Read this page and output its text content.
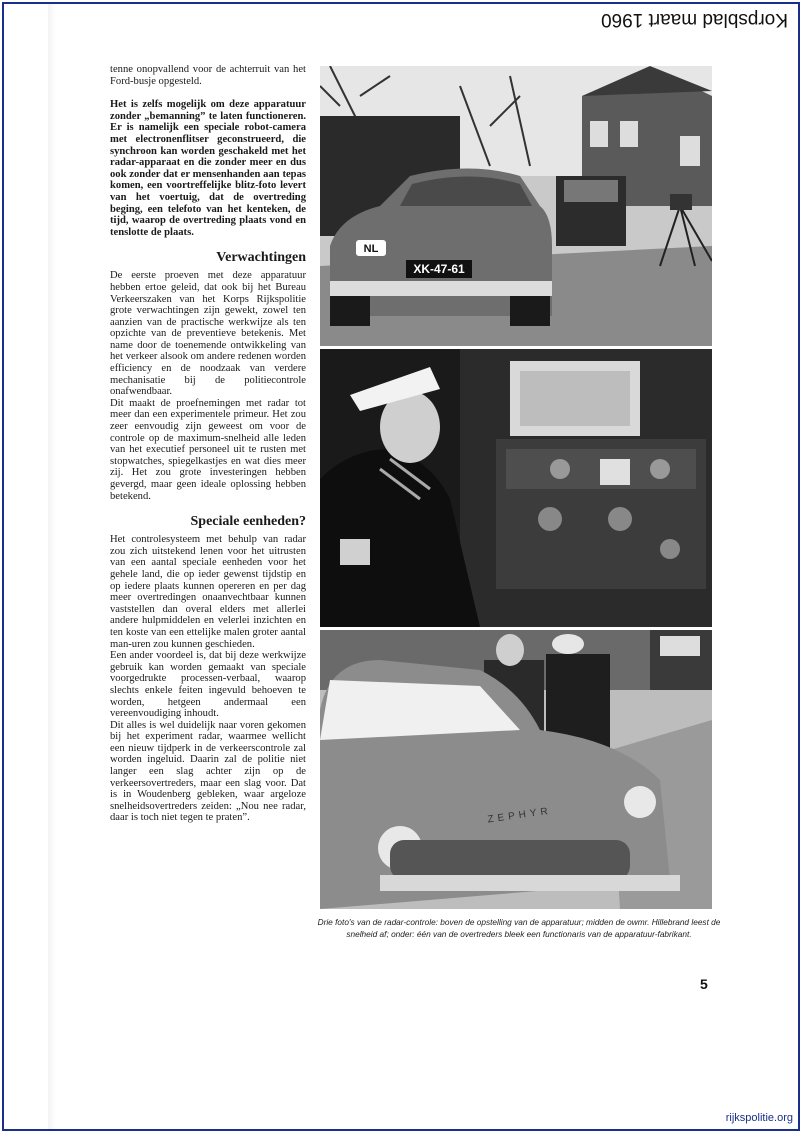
Korpsblad maart 1960

tenne onopvallend voor de achterruit van het Ford-busje opgesteld.

Het is zelfs mogelijk om deze apparatuur zonder „bemanning” te laten functioneren. Er is namelijk een speciale robot-camera met electronenflitser geconstrueerd, die synchroon kan worden geschakeld met het radar-apparaat en die zonder meer en dus ook zonder dat er mensenhanden aan tepas komen, een voortreffelijke blitz-foto levert van het voertuig, dat de overtreding beging, een telefoto van het kenteken, de tijd, waarop de overtreding plaats vond en tenslotte de plaats.

Verwachtingen

De eerste proeven met deze apparatuur hebben ertoe geleid, dat ook bij het Bureau Verkeerszaken van het Korps Rijkspolitie grote verwachtingen zijn gewekt, zowel ten aanzien van de practische werkwijze als ten opzichte van de preventieve betekenis. Met name door de toenemende ontwikkeling van het verkeer alsook om andere redenen worden efficiency en de noodzaak van verdere mechanisatie bij de politiecontrole onafwendbaar.

Dit maakt de proefnemingen met radar tot meer dan een experimentele primeur. Het zou zeer eenvoudig zijn geweest om voor de controle op de maximum-snelheid alle leden van het executief personeel uit te rusten met stopwatches, spiegelkastjes en wat dies meer zij. Het zou grote investeringen hebben gevergd, maar geen ideale oplossing hebben betekend.

Speciale eenheden?

Het controlesysteem met behulp van radar zou zich uitstekend lenen voor het uitrusten van een aantal speciale eenheden voor het gehele land, die op ieder gewenst tijdstip en op iedere plaats kunnen opereren en per dag meer overtredingen onaanvechtbaar kunnen vaststellen dan overal elders met allerlei andere hulpmiddelen en velerlei inzichten en ten koste van een ettelijke malen groter aantal man-uren zou kunnen geschieden.

Een ander voordeel is, dat bij deze werkwijze gebruik kan worden gemaakt van speciale voorgedrukte processen-verbaal, waarop slechts enkele feiten ingevuld behoeven te worden, hetgeen andermaal een vereenvoudiging inhoudt.

Dit alles is wel duidelijk naar voren gekomen bij het experiment radar, waarmee wellicht een nieuw tijdperk in de verkeerscontrole zal worden ingeluid. Daarin zal de politie niet langer een slag achter zijn op de verkeersovertreders, maar een slag voor. Dat is in Woudenberg gebleken, waar argeloze snelheidsovertreders zeiden: „Nou nee radar, daar is toch niet tegen te praten”.

NL
XK-47-61
ZEPHYR
Drie foto's van de radar-controle: boven de opstelling van de apparatuur; midden de owmr. Hillebrand leest de snelheid af; onder: één van de overtreders bleek een functionaris van de apparatuur-fabrikant.
5
rijkspolitie.org
